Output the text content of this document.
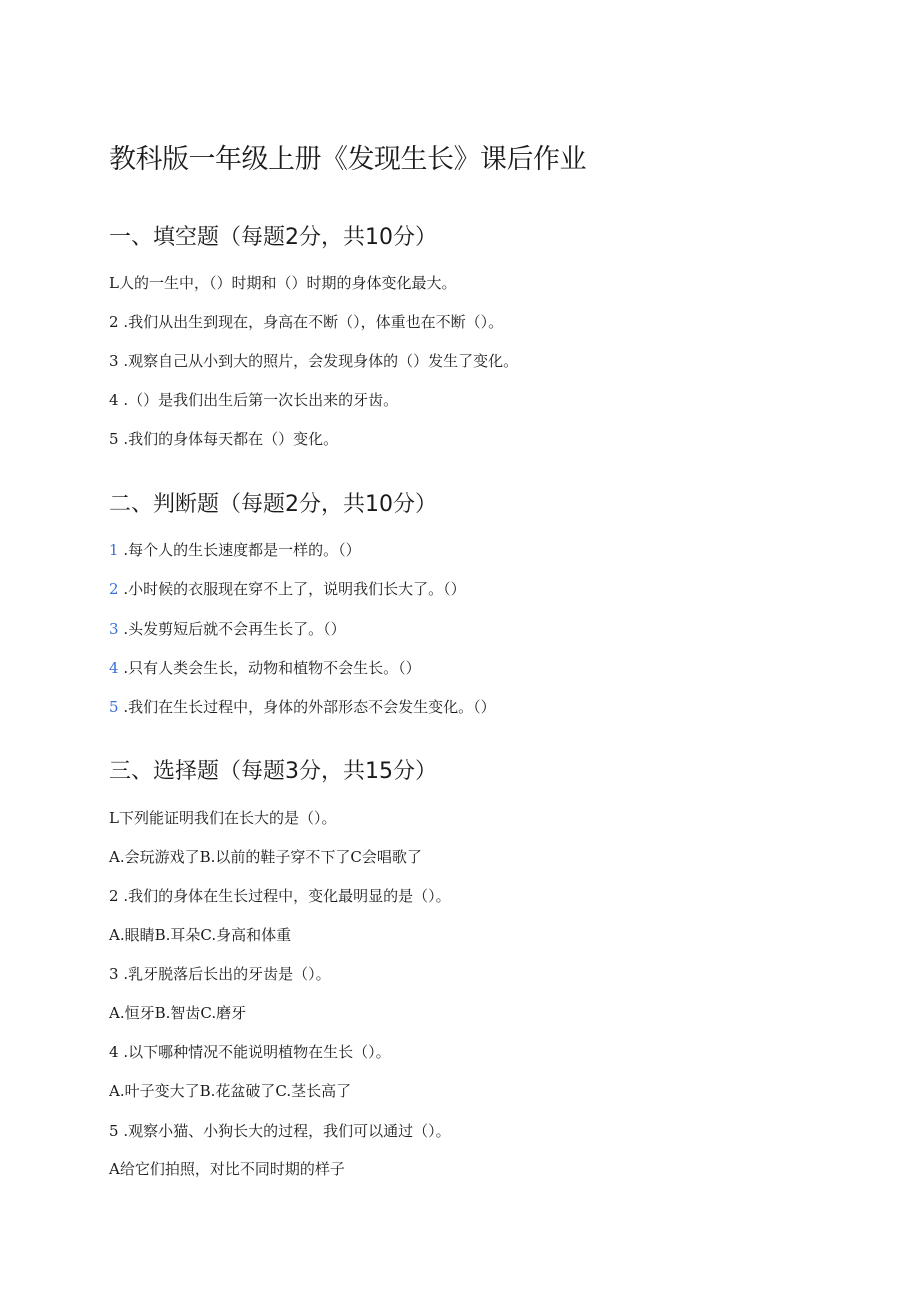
教科版一年级上册《发现生长》课后作业
一、填空题（每题2分，共10分）

L人的一生中，（）时期和（）时期的身体变化最大。

2 .我们从出生到现在，身高在不断（），体重也在不断（）。

3 .观察自己从小到大的照片，会发现身体的（）发生了变化。

4 .（）是我们出生后第一次长出来的牙齿。

5 .我们的身体每天都在（）变化。

二、判断题（每题2分，共10分）

1 .每个人的生长速度都是一样的。（）

2 .小时候的衣服现在穿不上了，说明我们长大了。（）

3 .头发剪短后就不会再生长了。（）

4 .只有人类会生长，动物和植物不会生长。（）

5 .我们在生长过程中，身体的外部形态不会发生变化。（）

三、选择题（每题3分，共15分）

L下列能证明我们在长大的是（）。

A.会玩游戏了B.以前的鞋子穿不下了C会唱歌了

2 .我们的身体在生长过程中，变化最明显的是（）。

A.眼睛B.耳朵C.身高和体重

3 .乳牙脱落后长出的牙齿是（）。

A.恒牙B.智齿C.磨牙

4 .以下哪种情况不能说明植物在生长（）。

A.叶子变大了B.花盆破了C.茎长高了

5 .观察小猫、小狗长大的过程，我们可以通过（）。

A给它们拍照，对比不同时期的样子
